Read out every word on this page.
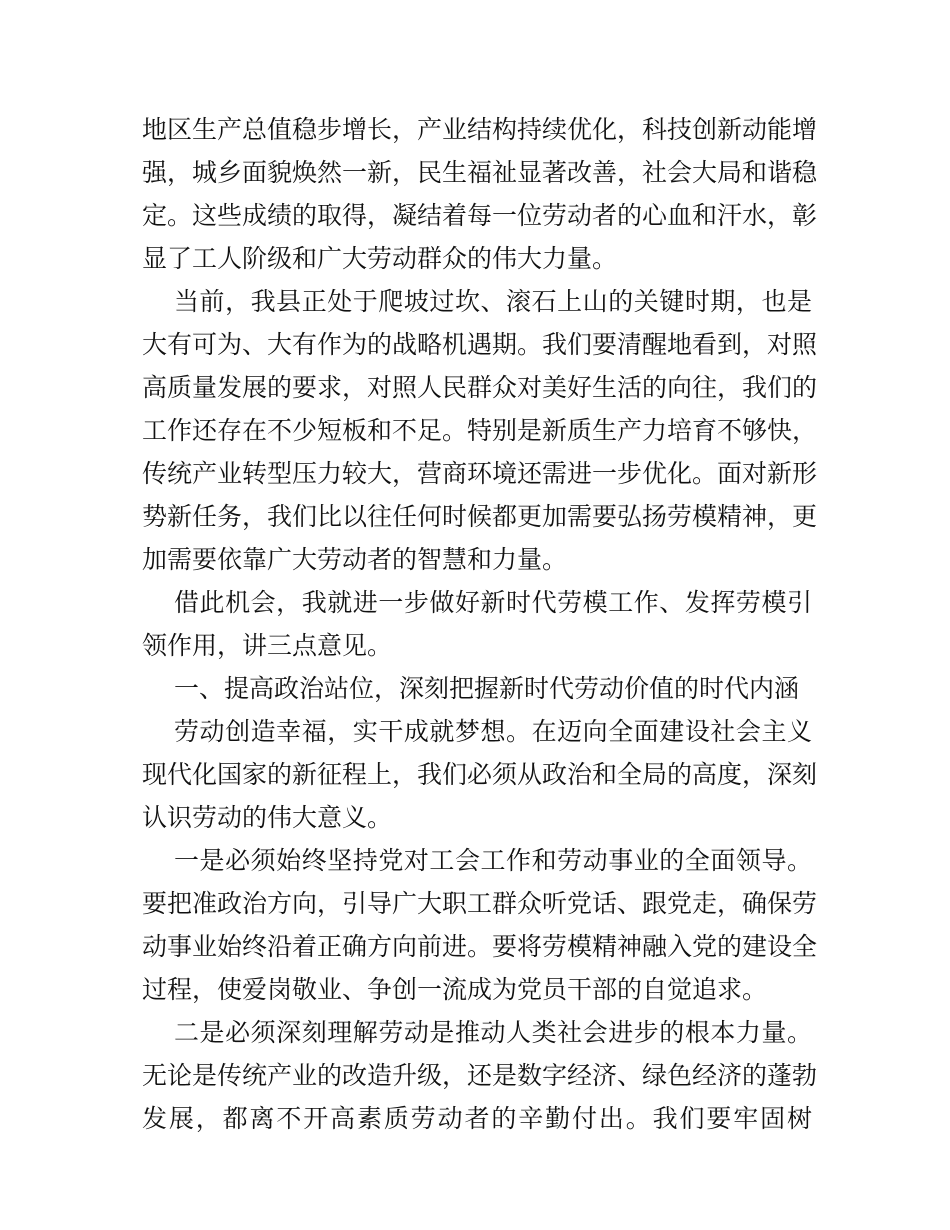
地区生产总值稳步增长，产业结构持续优化，科技创新动能增
强，城乡面貌焕然一新，民生福祉显著改善，社会大局和谐稳
定。这些成绩的取得，凝结着每一位劳动者的心血和汗水，彰
显了工人阶级和广大劳动群众的伟大力量。
当前，我县正处于爬坡过坎、滚石上山的关键时期，也是
大有可为、大有作为的战略机遇期。我们要清醒地看到，对照
高质量发展的要求，对照人民群众对美好生活的向往，我们的
工作还存在不少短板和不足。特别是新质生产力培育不够快，
传统产业转型压力较大，营商环境还需进一步优化。面对新形
势新任务，我们比以往任何时候都更加需要弘扬劳模精神，更
加需要依靠广大劳动者的智慧和力量。
借此机会，我就进一步做好新时代劳模工作、发挥劳模引
领作用，讲三点意见。
一、提高政治站位，深刻把握新时代劳动价值的时代内涵
劳动创造幸福，实干成就梦想。在迈向全面建设社会主义
现代化国家的新征程上，我们必须从政治和全局的高度，深刻
认识劳动的伟大意义。
一是必须始终坚持党对工会工作和劳动事业的全面领导。
要把准政治方向，引导广大职工群众听党话、跟党走，确保劳
动事业始终沿着正确方向前进。要将劳模精神融入党的建设全
过程，使爱岗敬业、争创一流成为党员干部的自觉追求。
二是必须深刻理解劳动是推动人类社会进步的根本力量。
无论是传统产业的改造升级，还是数字经济、绿色经济的蓬勃
发展，都离不开高素质劳动者的辛勤付出。我们要牢固树
